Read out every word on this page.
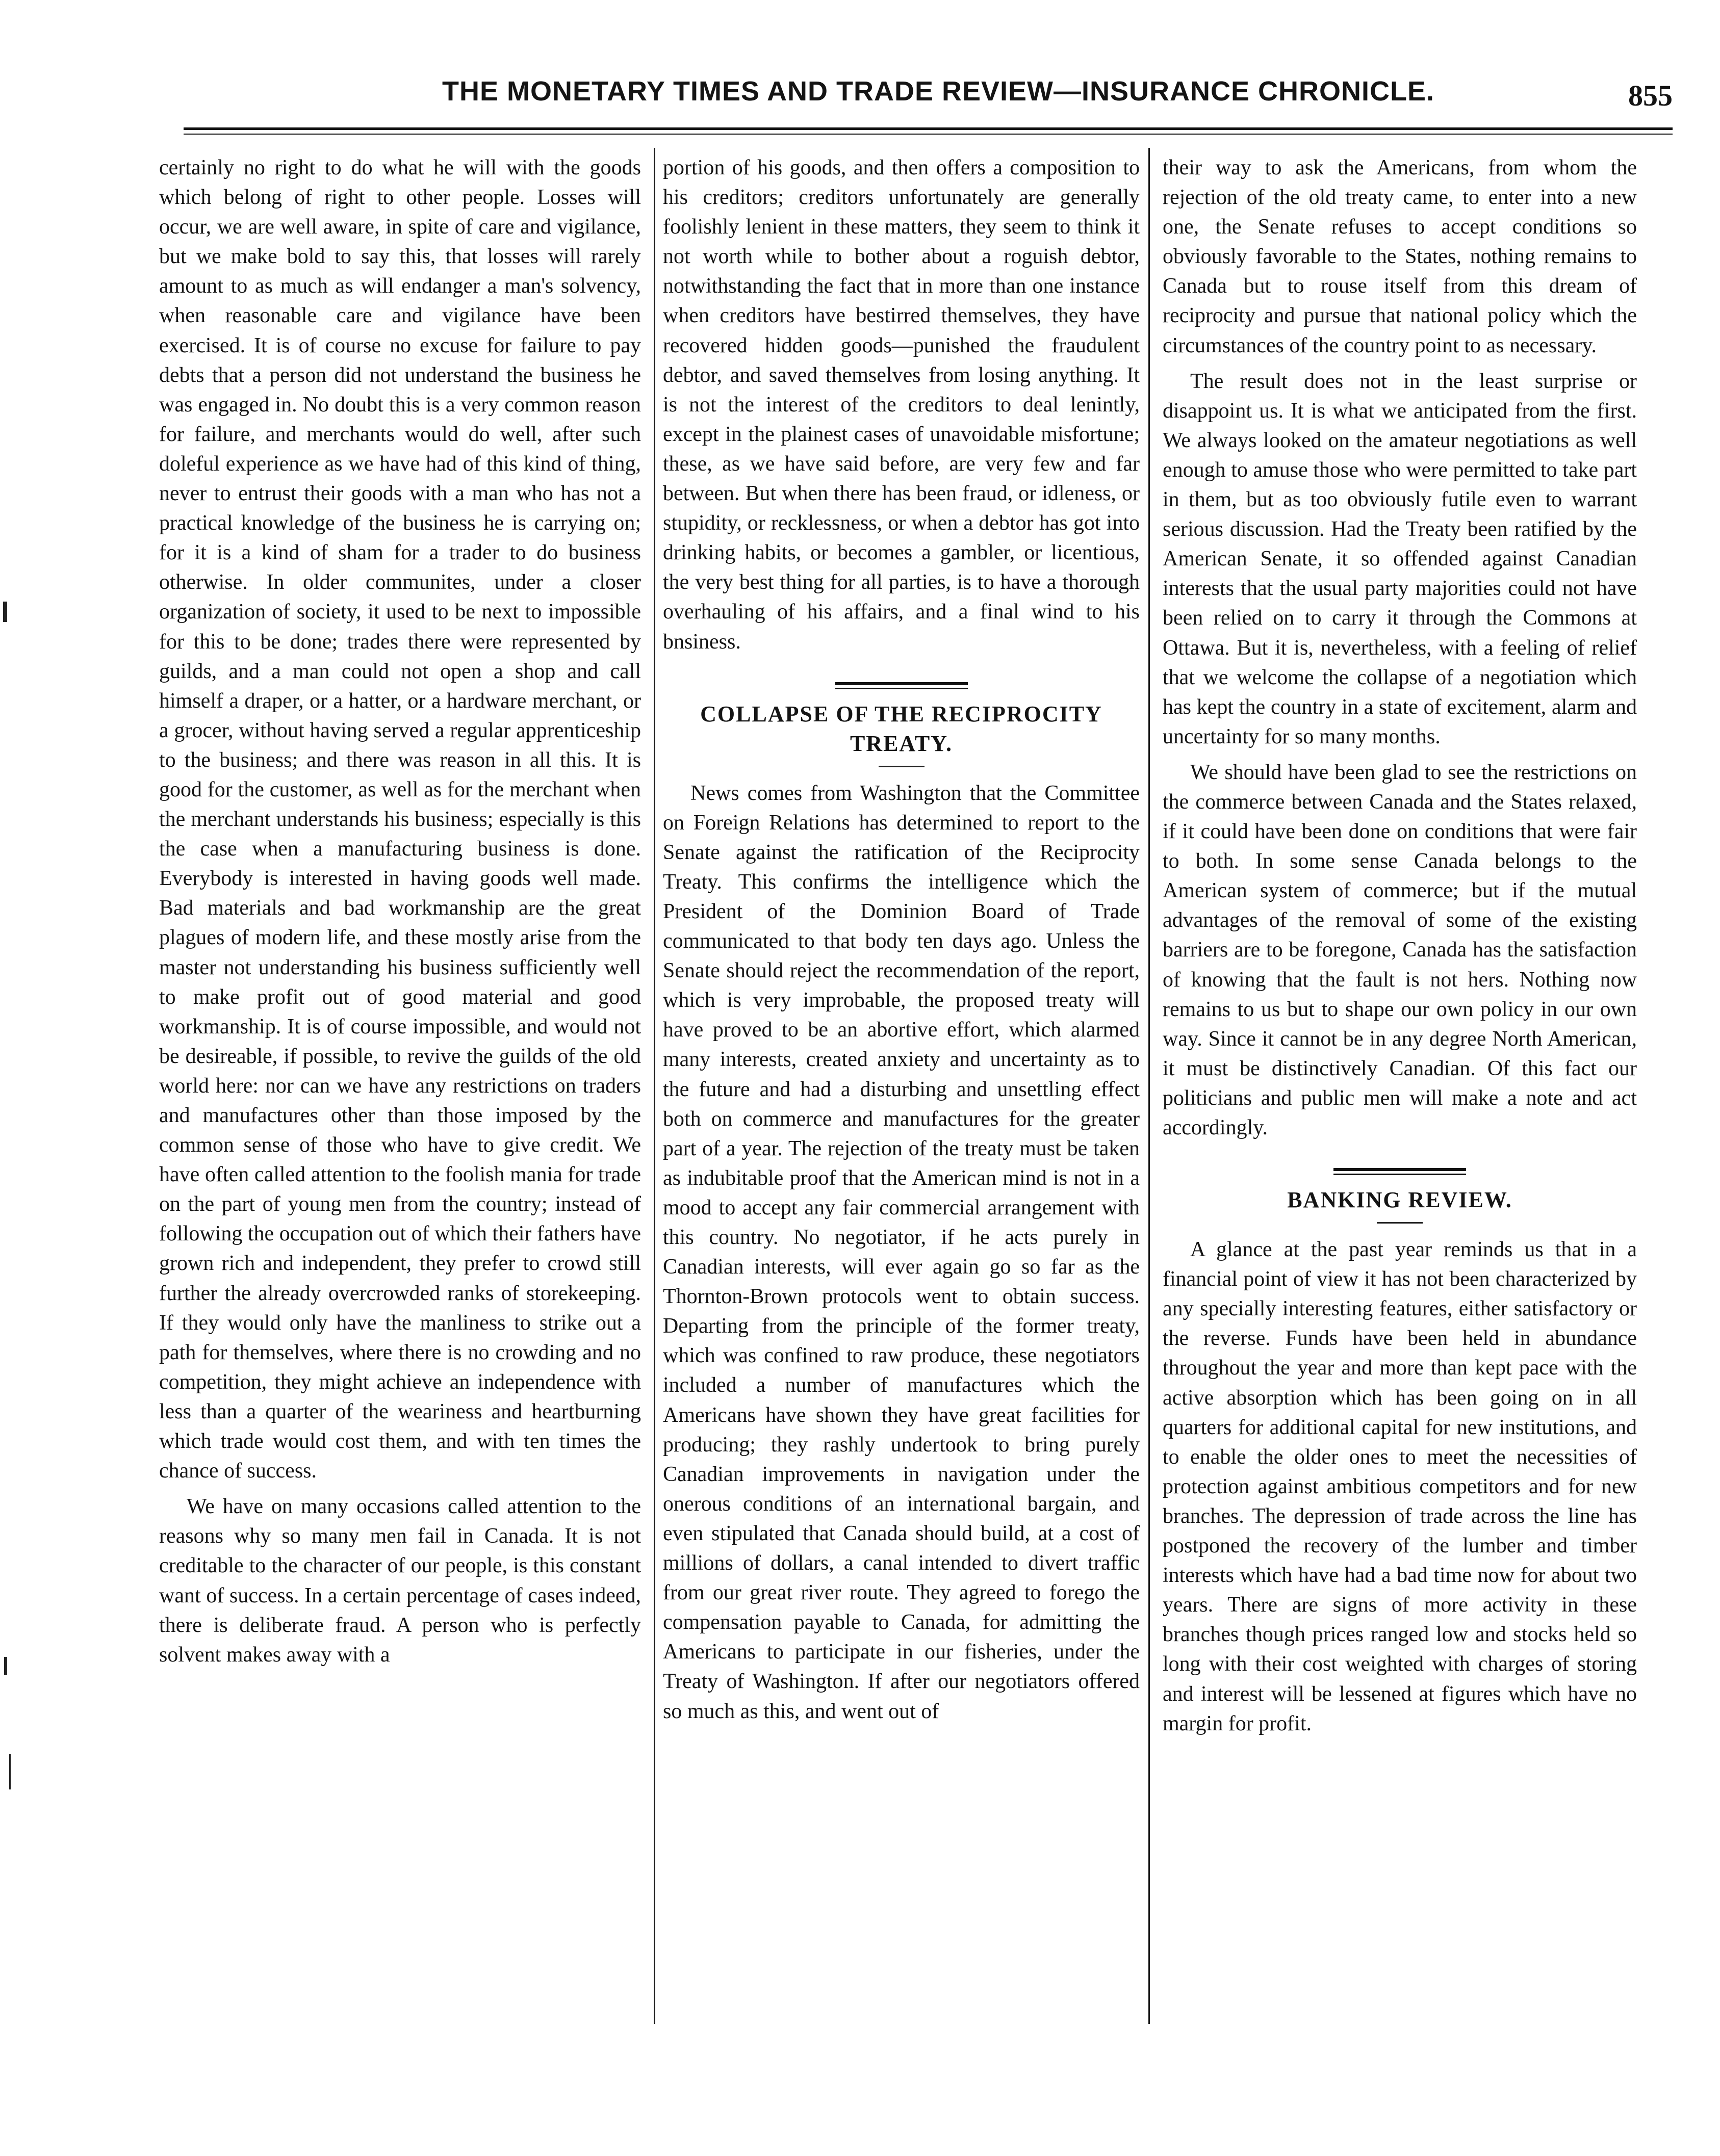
THE MONETARY TIMES AND TRADE REVIEW—INSURANCE CHRONICLE.	855

certainly no right to do what he will with the goods which belong of right to other people. Losses will occur, we are well aware, in spite of care and vigilance, but we make bold to say this, that losses will rarely amount to as much as will endanger a man's solvency, when reasonable care and vigilance have been exercised. It is of course no excuse for failure to pay debts that a person did not understand the business he was engaged in. No doubt this is a very common reason for failure, and merchants would do well, after such doleful experience as we have had of this kind of thing, never to entrust their goods with a man who has not a practical knowledge of the business he is carrying on; for it is a kind of sham for a trader to do business otherwise. In older communites, under a closer organization of society, it used to be next to impossible for this to be done; trades there were represented by guilds, and a man could not open a shop and call himself a draper, or a hatter, or a hardware merchant, or a grocer, without having served a regular apprenticeship to the business; and there was reason in all this. It is good for the customer, as well as for the merchant when the merchant understands his business; especially is this the case when a manufacturing business is done. Everybody is interested in having goods well made. Bad materials and bad workmanship are the great plagues of modern life, and these mostly arise from the master not understanding his business sufficiently well to make profit out of good material and good workmanship. It is of course impossible, and would not be desireable, if possible, to revive the guilds of the old world here: nor can we have any restrictions on traders and manufactures other than those imposed by the common sense of those who have to give credit. We have often called attention to the foolish mania for trade on the part of young men from the country; instead of following the occupation out of which their fathers have grown rich and independent, they prefer to crowd still further the already overcrowded ranks of storekeeping. If they would only have the manliness to strike out a path for themselves, where there is no crowding and no competition, they might achieve an independence with less than a quarter of the weariness and heartburning which trade would cost them, and with ten times the chance of success.

We have on many occasions called attention to the reasons why so many men fail in Canada. It is not creditable to the character of our people, is this constant want of success. In a certain percentage of cases indeed, there is deliberate fraud. A person who is perfectly solvent makes away with a

portion of his goods, and then offers a composition to his creditors; creditors unfortunately are generally foolishly lenient in these matters, they seem to think it not worth while to bother about a roguish debtor, notwithstanding the fact that in more than one instance when creditors have bestirred themselves, they have recovered hidden goods—punished the fraudulent debtor, and saved themselves from losing anything. It is not the interest of the creditors to deal lenintly, except in the plainest cases of unavoidable misfortune; these, as we have said before, are very few and far between. But when there has been fraud, or idleness, or stupidity, or recklessness, or when a debtor has got into drinking habits, or becomes a gambler, or licentious, the very best thing for all parties, is to have a thorough overhauling of his affairs, and a final wind to his bnsiness.

COLLAPSE OF THE RECIPROCITY TREATY.

News comes from Washington that the Committee on Foreign Relations has determined to report to the Senate against the ratification of the Reciprocity Treaty. This confirms the intelligence which the President of the Dominion Board of Trade communicated to that body ten days ago. Unless the Senate should reject the recommendation of the report, which is very improbable, the proposed treaty will have proved to be an abortive effort, which alarmed many interests, created anxiety and uncertainty as to the future and had a disturbing and unsettling effect both on commerce and manufactures for the greater part of a year. The rejection of the treaty must be taken as indubitable proof that the American mind is not in a mood to accept any fair commercial arrangement with this country. No negotiator, if he acts purely in Canadian interests, will ever again go so far as the Thornton-Brown protocols went to obtain success. Departing from the principle of the former treaty, which was confined to raw produce, these negotiators included a number of manufactures which the Americans have shown they have great facilities for producing; they rashly undertook to bring purely Canadian improvements in navigation under the onerous conditions of an international bargain, and even stipulated that Canada should build, at a cost of millions of dollars, a canal intended to divert traffic from our great river route. They agreed to forego the compensation payable to Canada, for admitting the Americans to participate in our fisheries, under the Treaty of Washington. If after our negotiators offered so much as this, and went out of

their way to ask the Americans, from whom the rejection of the old treaty came, to enter into a new one, the Senate refuses to accept conditions so obviously favorable to the States, nothing remains to Canada but to rouse itself from this dream of reciprocity and pursue that national policy which the circumstances of the country point to as necessary.

The result does not in the least surprise or disappoint us. It is what we anticipated from the first. We always looked on the amateur negotiations as well enough to amuse those who were permitted to take part in them, but as too obviously futile even to warrant serious discussion. Had the Treaty been ratified by the American Senate, it so offended against Canadian interests that the usual party majorities could not have been relied on to carry it through the Commons at Ottawa. But it is, nevertheless, with a feeling of relief that we welcome the collapse of a negotiation which has kept the country in a state of excitement, alarm and uncertainty for so many months.

We should have been glad to see the restrictions on the commerce between Canada and the States relaxed, if it could have been done on conditions that were fair to both. In some sense Canada belongs to the American system of commerce; but if the mutual advantages of the removal of some of the existing barriers are to be foregone, Canada has the satisfaction of knowing that the fault is not hers. Nothing now remains to us but to shape our own policy in our own way. Since it cannot be in any degree North American, it must be distinctively Canadian. Of this fact our politicians and public men will make a note and act accordingly.

BANKING REVIEW.

A glance at the past year reminds us that in a financial point of view it has not been characterized by any specially interesting features, either satisfactory or the reverse. Funds have been held in abundance throughout the year and more than kept pace with the active absorption which has been going on in all quarters for additional capital for new institutions, and to enable the older ones to meet the necessities of protection against ambitious competitors and for new branches. The depression of trade across the line has postponed the recovery of the lumber and timber interests which have had a bad time now for about two years. There are signs of more activity in these branches though prices ranged low and stocks held so long with their cost weighted with charges of storing and interest will be lessened at figures which have no margin for profit.
